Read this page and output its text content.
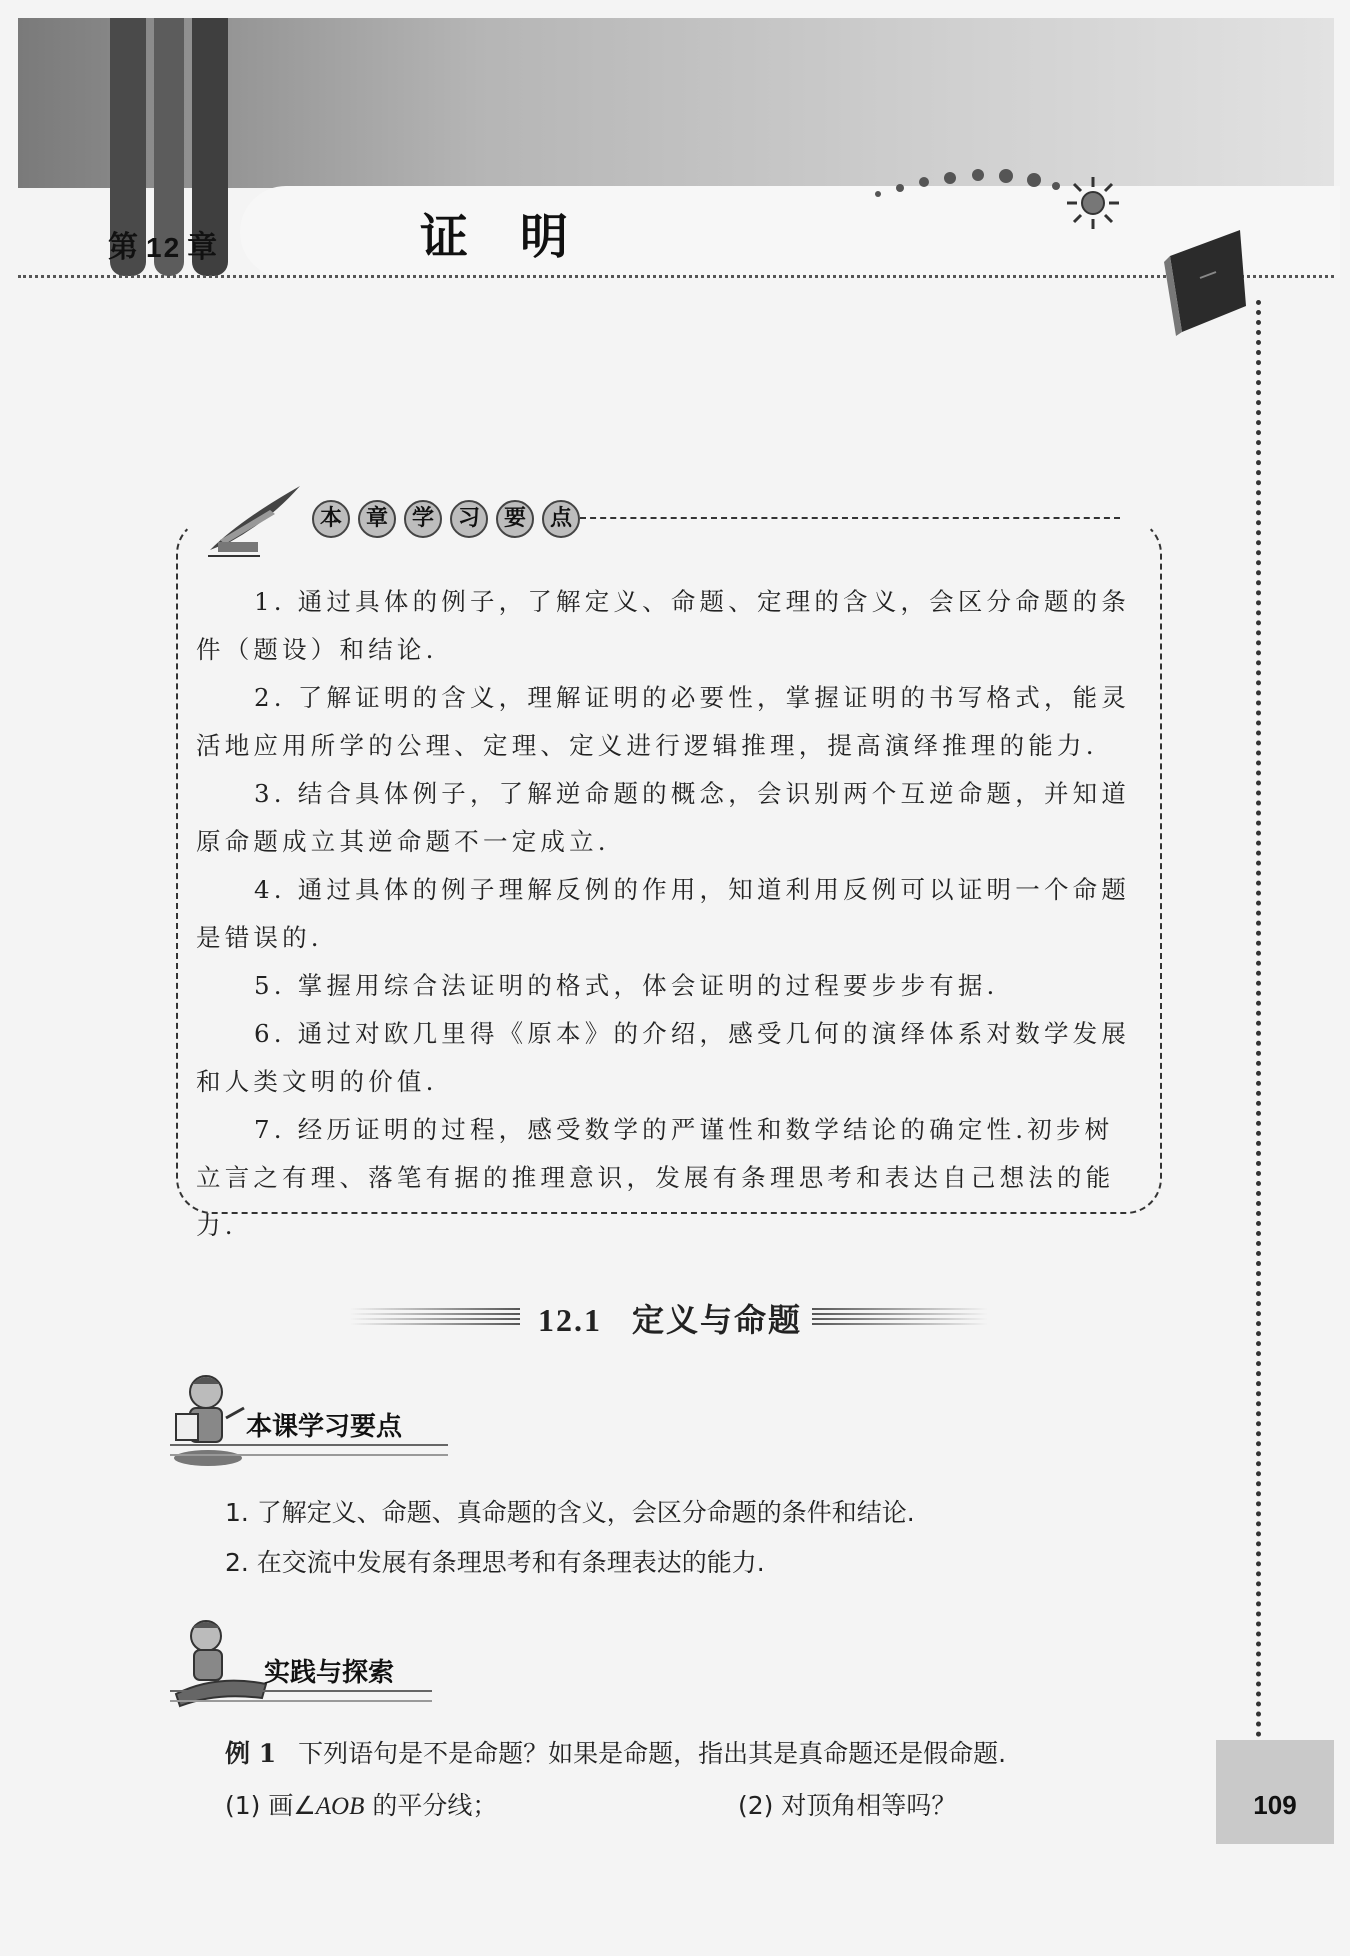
第 12 章	证明
本	章	学	习	要	点

1. 通过具体的例子，了解定义、命题、定理的含义，会区分命题的条件（题设）和结论.

2. 了解证明的含义，理解证明的必要性，掌握证明的书写格式，能灵活地应用所学的公理、定理、定义进行逻辑推理，提高演绎推理的能力.

3. 结合具体例子，了解逆命题的概念，会识别两个互逆命题，并知道原命题成立其逆命题不一定成立.

4. 通过具体的例子理解反例的作用，知道利用反例可以证明一个命题是错误的.

5. 掌握用综合法证明的格式，体会证明的过程要步步有据.

6. 通过对欧几里得《原本》的介绍，感受几何的演绎体系对数学发展和人类文明的价值.

7. 经历证明的过程，感受数学的严谨性和数学结论的确定性.初步树立言之有理、落笔有据的推理意识，发展有条理思考和表达自己想法的能力.

12.1 定义与命题
本课学习要点
1. 了解定义、命题、真命题的含义，会区分命题的条件和结论.
2. 在交流中发展有条理思考和有条理表达的能力.
实践与探索
例 1 下列语句是不是命题？如果是命题，指出其是真命题还是假命题.
(1) 画∠AOB 的平分线；	(2) 对顶角相等吗？	109
